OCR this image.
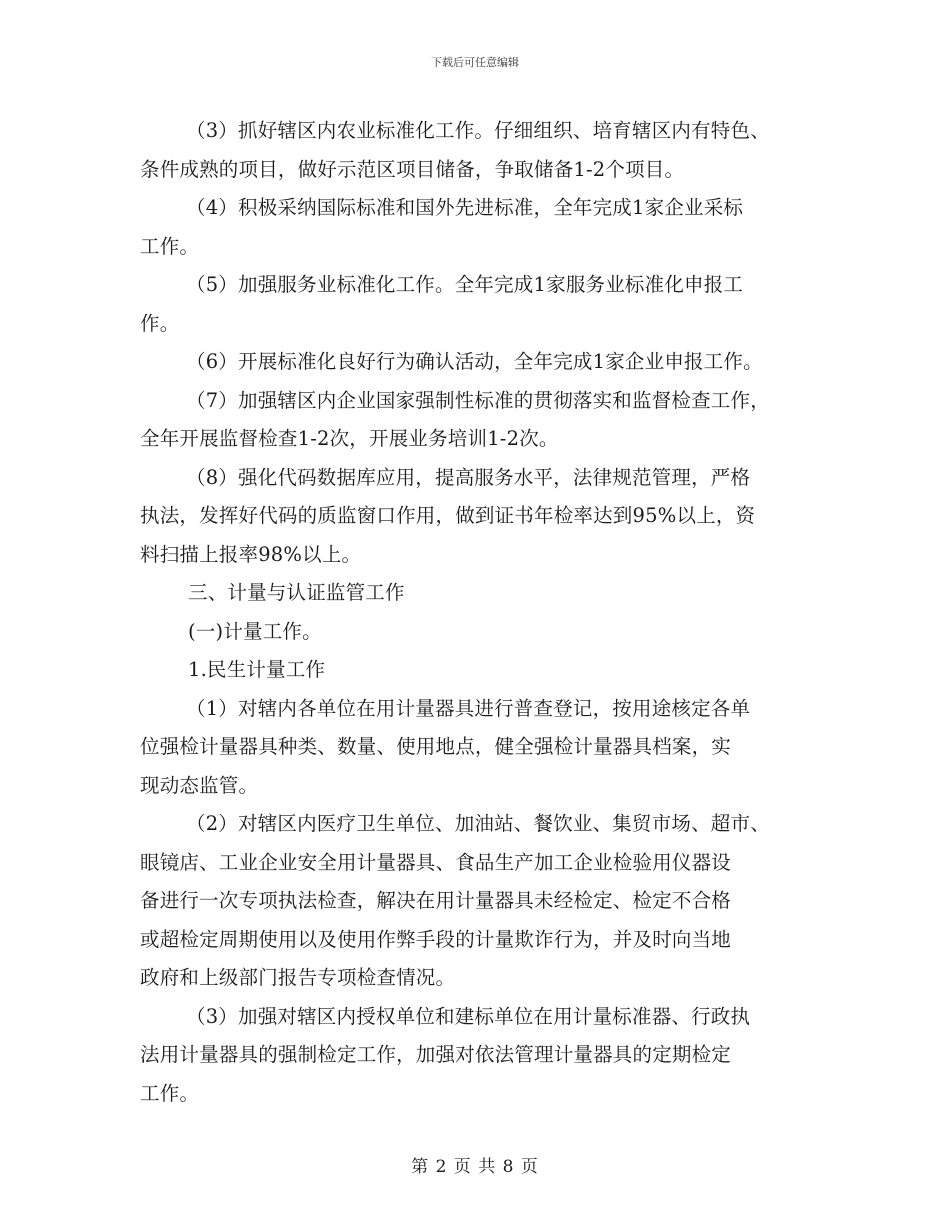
下载后可任意编辑
（3）抓好辖区内农业标准化工作。仔细组织、培育辖区内有特色、
条件成熟的项目，做好示范区项目储备，争取储备1-2个项目。
（4）积极采纳国际标准和国外先进标准，全年完成1家企业采标
工作。
（5）加强服务业标准化工作。全年完成1家服务业标准化申报工
作。
（6）开展标准化良好行为确认活动，全年完成1家企业申报工作。
（7）加强辖区内企业国家强制性标准的贯彻落实和监督检查工作，
全年开展监督检查1-2次，开展业务培训1-2次。
（8）强化代码数据库应用，提高服务水平，法律规范管理，严格
执法，发挥好代码的质监窗口作用，做到证书年检率达到95%以上，资
料扫描上报率98%以上。
三、计量与认证监管工作
(一)计量工作。
1.民生计量工作
（1）对辖内各单位在用计量器具进行普查登记，按用途核定各单
位强检计量器具种类、数量、使用地点，健全强检计量器具档案，实
现动态监管。
（2）对辖区内医疗卫生单位、加油站、餐饮业、集贸市场、超市、
眼镜店、工业企业安全用计量器具、食品生产加工企业检验用仪器设
备进行一次专项执法检查，解决在用计量器具未经检定、检定不合格
或超检定周期使用以及使用作弊手段的计量欺诈行为，并及时向当地
政府和上级部门报告专项检查情况。
（3）加强对辖区内授权单位和建标单位在用计量标准器、行政执
法用计量器具的强制检定工作，加强对依法管理计量器具的定期检定
工作。
第 2 页 共 8 页
